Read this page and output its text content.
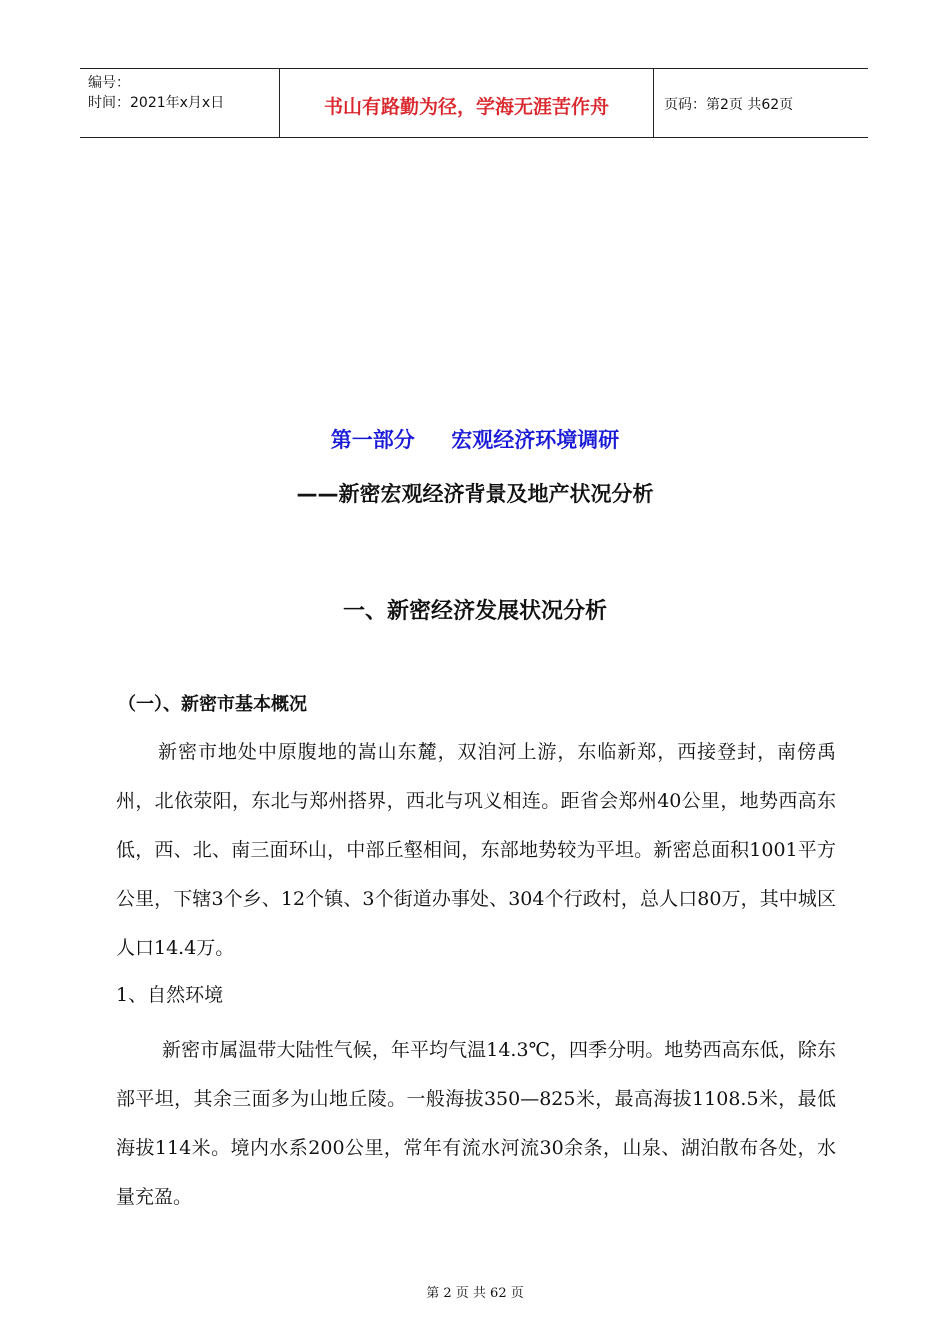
编号：
时间：2021年x月x日	书山有路勤为径，学海无涯苦作舟	页码：第2页 共62页
第一部分     宏观经济环境调研
——新密宏观经济背景及地产状况分析
一、新密经济发展状况分析
（一）、新密市基本概况

新密市地处中原腹地的嵩山东麓，双洎河上游，东临新郑，西接登封，南傍禹州，北依荥阳，东北与郑州搭界，西北与巩义相连。距省会郑州40公里，地势西高东低，西、北、南三面环山，中部丘壑相间，东部地势较为平坦。新密总面积1001平方公里，下辖3个乡、12个镇、3个街道办事处、304个行政村，总人口80万，其中城区人口14.4万。

1、自然环境

新密市属温带大陆性气候，年平均气温14.3℃，四季分明。地势西高东低，除东部平坦，其余三面多为山地丘陵。一般海拔350—825米，最高海拔1108.5米，最低海拔114米。境内水系200公里，常年有流水河流30余条，山泉、湖泊散布各处，水量充盈。

第 2 页 共 62 页
